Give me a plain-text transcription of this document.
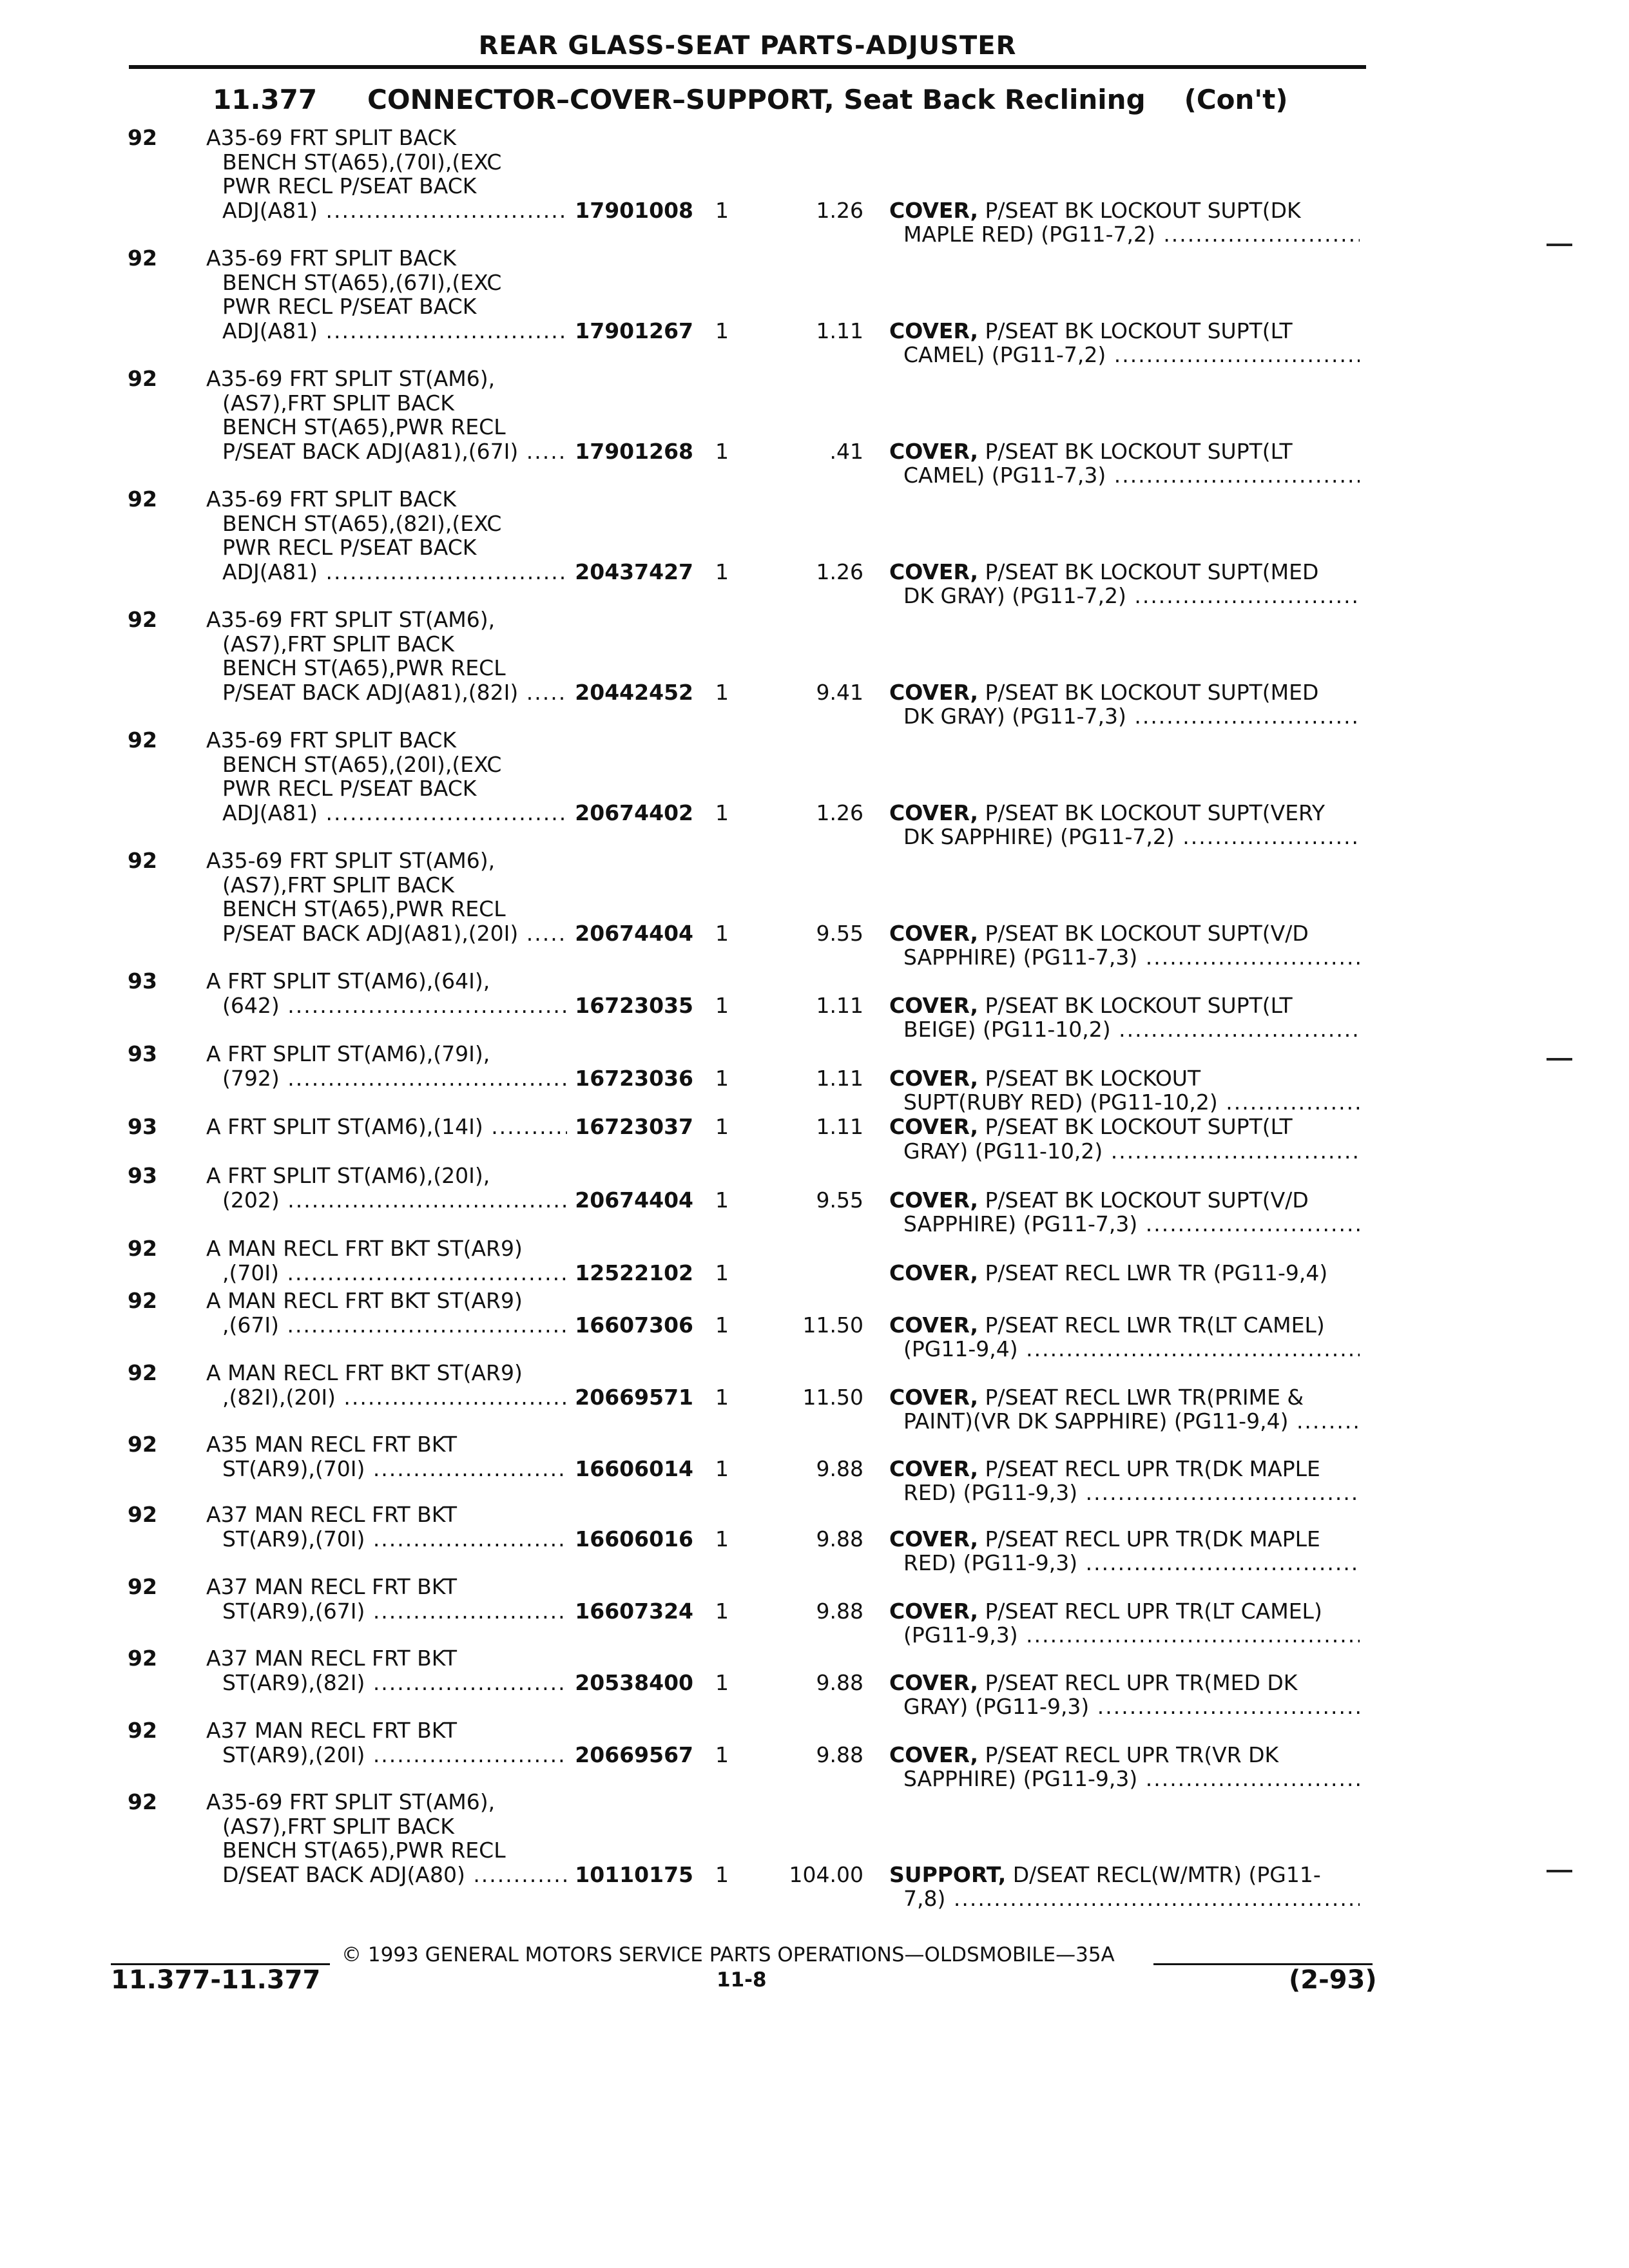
REAR GLASS-SEAT PARTS-ADJUSTER
11.377 CONNECTOR–COVER–SUPPORT, Seat Back Reclining (Con't)
92 A35-69 FRT SPLIT BACK
BENCH ST(A65),(70I),(EXC
PWR RECL P/SEAT BACK
ADJ(A81) .....	17901008 1	1.26 COVER, P/SEAT BK LOCKOUT SUPT(DK
MAPLE RED) (PG11-7,2) .....
92 A35-69 FRT SPLIT BACK
BENCH ST(A65),(67I),(EXC
PWR RECL P/SEAT BACK
ADJ(A81) .....	17901267 1	1.11 COVER, P/SEAT BK LOCKOUT SUPT(LT
CAMEL) (PG11-7,2) .....
92 A35-69 FRT SPLIT ST(AM6),
(AS7),FRT SPLIT BACK
BENCH ST(A65),PWR RECL
P/SEAT BACK ADJ(A81),(67I) .....	17901268 1	.41 COVER, P/SEAT BK LOCKOUT SUPT(LT
CAMEL) (PG11-7,3) .....
92 A35-69 FRT SPLIT BACK
BENCH ST(A65),(82I),(EXC
PWR RECL P/SEAT BACK
ADJ(A81) .....	20437427 1	1.26 COVER, P/SEAT BK LOCKOUT SUPT(MED
DK GRAY) (PG11-7,2) .....
92 A35-69 FRT SPLIT ST(AM6),
(AS7),FRT SPLIT BACK
BENCH ST(A65),PWR RECL
P/SEAT BACK ADJ(A81),(82I) .....	20442452 1	9.41 COVER, P/SEAT BK LOCKOUT SUPT(MED
DK GRAY) (PG11-7,3) .....
92 A35-69 FRT SPLIT BACK
BENCH ST(A65),(20I),(EXC
PWR RECL P/SEAT BACK
ADJ(A81) .....	20674402 1	1.26 COVER, P/SEAT BK LOCKOUT SUPT(VERY
DK SAPPHIRE) (PG11-7,2) .....
92 A35-69 FRT SPLIT ST(AM6),
(AS7),FRT SPLIT BACK
BENCH ST(A65),PWR RECL
P/SEAT BACK ADJ(A81),(20I) .....	20674404 1	9.55 COVER, P/SEAT BK LOCKOUT SUPT(V/D
SAPPHIRE) (PG11-7,3) .....
93 A FRT SPLIT ST(AM6),(64I),
(642) .....	16723035 1	1.11 COVER, P/SEAT BK LOCKOUT SUPT(LT
BEIGE) (PG11-10,2) .....
93 A FRT SPLIT ST(AM6),(79I),
(792) .....	16723036 1	1.11 COVER, P/SEAT BK LOCKOUT
SUPT(RUBY RED) (PG11-10,2) .....
93 A FRT SPLIT ST(AM6),(14I) .....	16723037 1	1.11 COVER, P/SEAT BK LOCKOUT SUPT(LT
GRAY) (PG11-10,2) .....
93 A FRT SPLIT ST(AM6),(20I),
(202) .....	20674404 1	9.55 COVER, P/SEAT BK LOCKOUT SUPT(V/D
SAPPHIRE) (PG11-7,3) .....
92 A MAN RECL FRT BKT ST(AR9)
,(70I) .....	12522102 1	COVER, P/SEAT RECL LWR TR (PG11-9,4)
92 A MAN RECL FRT BKT ST(AR9)
,(67I) .....	16607306 1	11.50 COVER, P/SEAT RECL LWR TR(LT CAMEL)
(PG11-9,4) .....
92 A MAN RECL FRT BKT ST(AR9)
,(82I),(20I) .....	20669571 1	11.50 COVER, P/SEAT RECL LWR TR(PRIME &
PAINT)(VR DK SAPPHIRE) (PG11-9,4) .....
92 A35 MAN RECL FRT BKT
ST(AR9),(70I) .....	16606014 1	9.88 COVER, P/SEAT RECL UPR TR(DK MAPLE
RED) (PG11-9,3) .....
92 A37 MAN RECL FRT BKT
ST(AR9),(70I) .....	16606016 1	9.88 COVER, P/SEAT RECL UPR TR(DK MAPLE
RED) (PG11-9,3) .....
92 A37 MAN RECL FRT BKT
ST(AR9),(67I) .....	16607324 1	9.88 COVER, P/SEAT RECL UPR TR(LT CAMEL)
(PG11-9,3) .....
92 A37 MAN RECL FRT BKT
ST(AR9),(82I) .....	20538400 1	9.88 COVER, P/SEAT RECL UPR TR(MED DK
GRAY) (PG11-9,3) .....
92 A37 MAN RECL FRT BKT
ST(AR9),(20I) .....	20669567 1	9.88 COVER, P/SEAT RECL UPR TR(VR DK
SAPPHIRE) (PG11-9,3) .....
92 A35-69 FRT SPLIT ST(AM6),
(AS7),FRT SPLIT BACK
BENCH ST(A65),PWR RECL
D/SEAT BACK ADJ(A80) .....	10110175 1	104.00 SUPPORT, D/SEAT RECL(W/MTR) (PG11-
7,8) .....
© 1993 GENERAL MOTORS SERVICE PARTS OPERATIONS—OLDSMOBILE—35A
11.377-11.377	11-8	(2-93)
